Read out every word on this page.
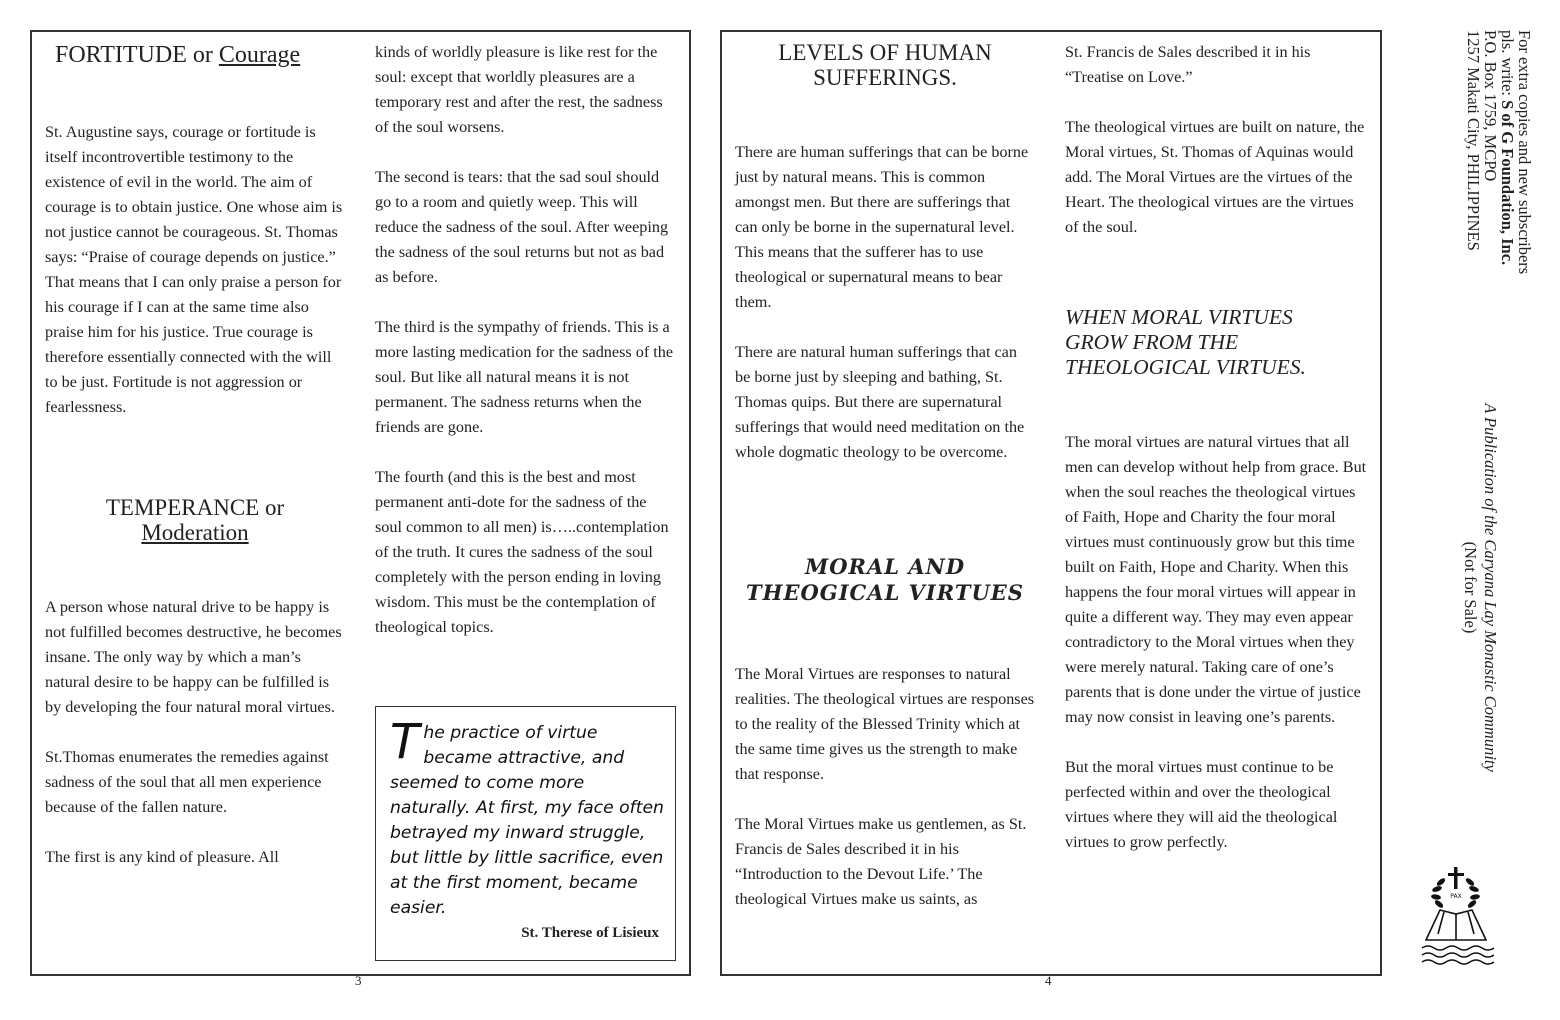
FORTITUDE or Courage

St. Augustine says, courage or fortitude is itself incontrovertible testimony to the existence of evil in the world. The aim of courage is to obtain justice. One whose aim is not justice cannot be courageous. St. Thomas says: “Praise of courage depends on justice.” That means that I can only praise a person for his courage if I can at the same time also praise him for his justice. True courage is therefore essentially connected with the will to be just. Fortitude is not aggression or fearlessness.

TEMPERANCE or
Moderation

A person whose natural drive to be happy is not fulfilled becomes destructive, he becomes insane. The only way by which a man’s natural desire to be happy can be fulfilled is by developing the four natural moral virtues.

St.Thomas enumerates the remedies against sadness of the soul that all men experience because of the fallen nature.

The first is any kind of pleasure. All

kinds of worldly pleasure is like rest for the soul: except that worldly pleasures are a temporary rest and after the rest, the sadness of the soul worsens.

The second is tears: that the sad soul should go to a room and quietly weep. This will reduce the sadness of the soul. After weeping the sadness of the soul returns but not as bad as before.

The third is the sympathy of friends. This is a more lasting medication for the sadness of the soul. But like all natural means it is not permanent. The sadness returns when the friends are gone.

The fourth (and this is the best and most permanent anti-dote for the sadness of the soul common to all men) is…..contemplation of the truth. It cures the sadness of the soul completely with the person ending in loving wisdom. This must be the contemplation of theological topics.

The practice of virtue became attractive, and seemed to come more naturally. At first, my face often betrayed my inward struggle, but little by little sacrifice, even at the first moment, became easier.
St. Therese of Lisieux
3
LEVELS OF HUMAN SUFFERINGS.

There are human sufferings that can be borne just by natural means. This is common amongst men. But there are sufferings that can only be borne in the supernatural level. This means that the sufferer has to use theological or supernatural means to bear them.

There are natural human sufferings that can be borne just by sleeping and bathing, St. Thomas quips. But there are supernatural sufferings that would need meditation on the whole dogmatic theology to be overcome.

MORAL AND THEOGICAL VIRTUES

The Moral Virtues are responses to natural realities. The theological virtues are responses to the reality of the Blessed Trinity which at the same time gives us the strength to make that response.

The Moral Virtues make us gentlemen, as St. Francis de Sales described it in his “Introduction to the Devout Life.’ The theological Virtues make us saints, as

St. Francis de Sales described it in his “Treatise on Love.”

The theological virtues are built on nature, the Moral virtues, St. Thomas of Aquinas would add. The Moral Virtues are the virtues of the Heart. The theological virtues are the virtues of the soul.

WHEN MORAL VIRTUES GROW FROM THE THEOLOGICAL VIRTUES.

The moral virtues are natural virtues that all men can develop without help from grace. But when the soul reaches the theological virtues of Faith, Hope and Charity the four moral virtues must continuously grow but this time built on Faith, Hope and Charity. When this happens the four moral virtues will appear in quite a different way. They may even appear contradictory to the Moral virtues when they were merely natural. Taking care of one’s parents that is done under the virtue of justice may now consist in leaving one’s parents.

But the moral virtues must continue to be perfected within and over the theological virtues where they will aid the theological virtues to grow perfectly.

4
For extra copies and new subscribers
pls. write: S of G Foundation, Inc.
P.O. Box 1759, MCPO
1257 Makati City, PHILIPPINES
A Publication of the Caryana Lay Monastic Community
(Not for Sale)
PAX
